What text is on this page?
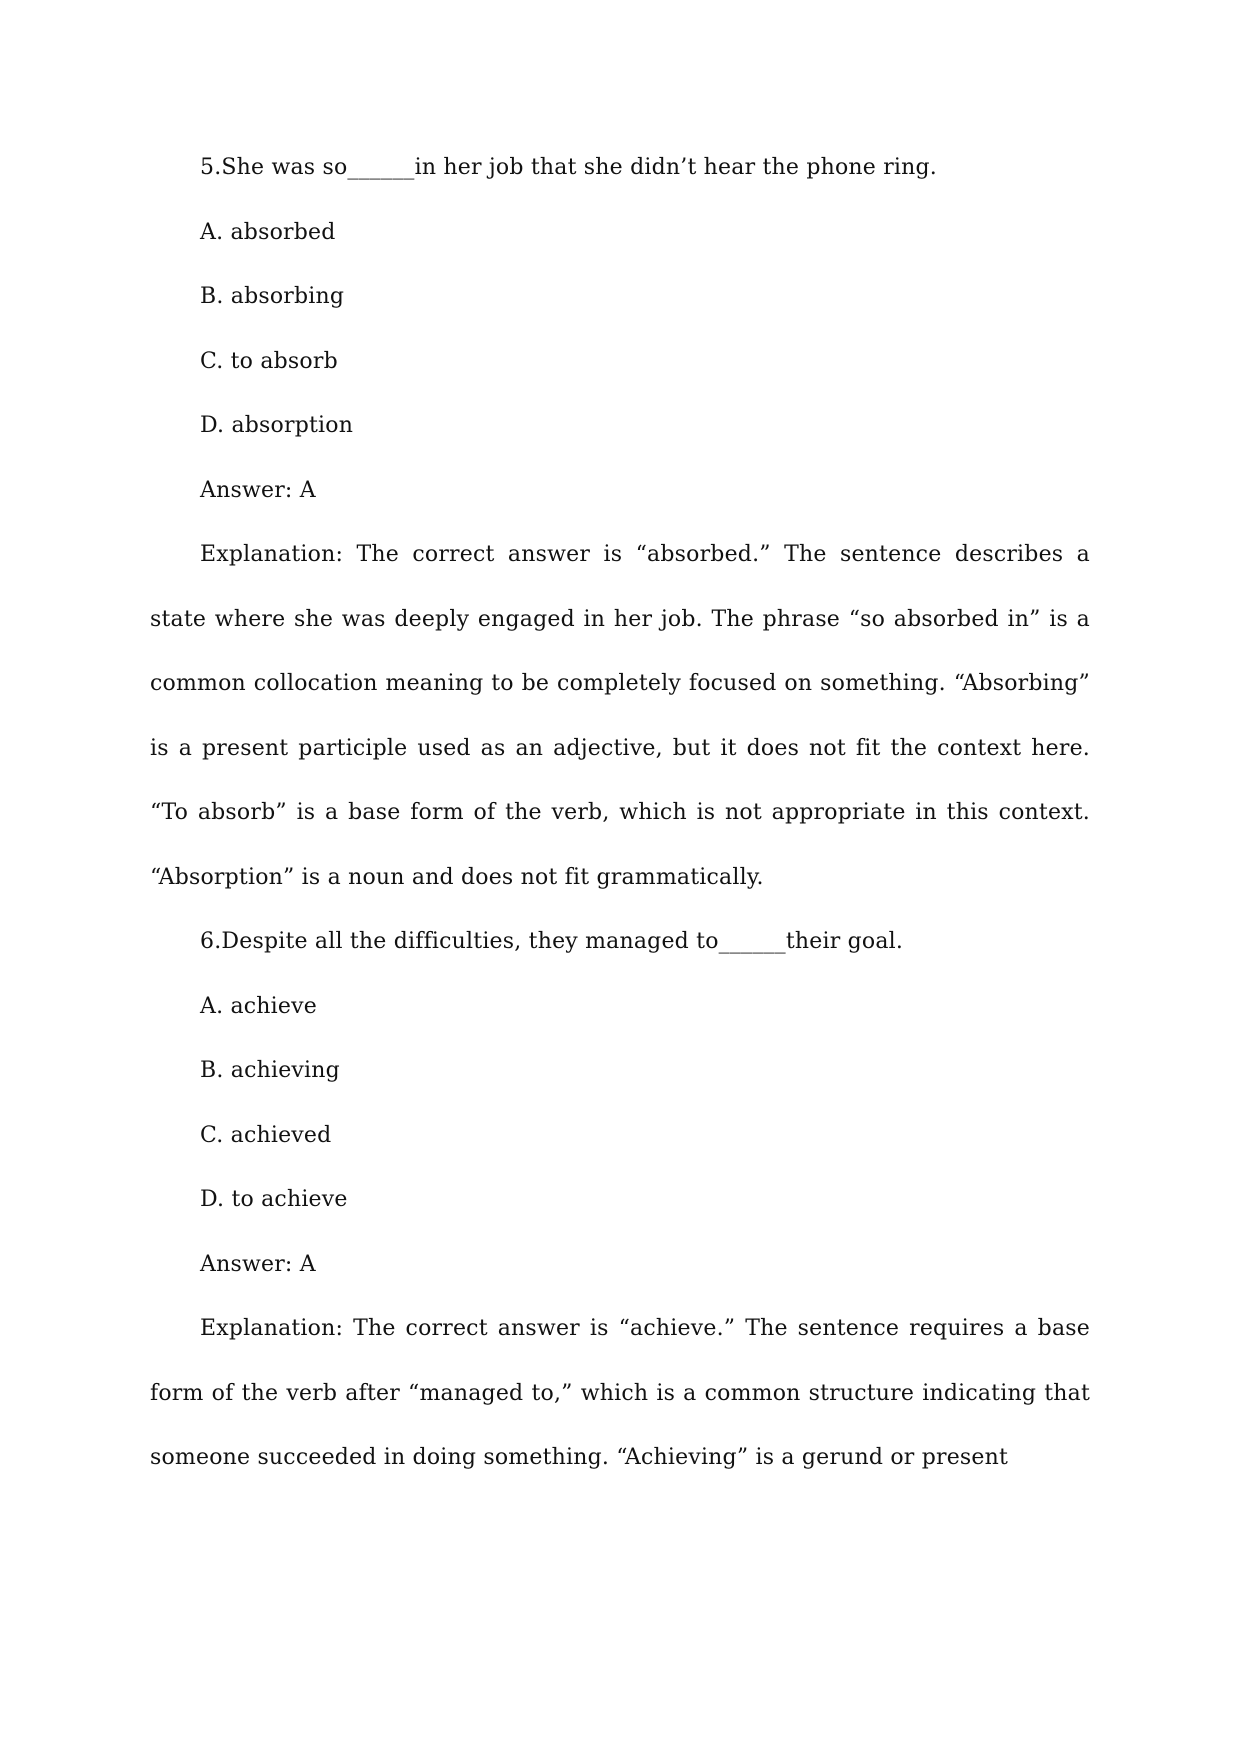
5.She was so______in her job that she didn’t hear the phone ring.
A. absorbed
B. absorbing
C. to absorb
D. absorption
Answer: A

Explanation: The correct answer is “absorbed.” The sentence describes a state where she was deeply engaged in her job. The phrase “so absorbed in” is a common collocation meaning to be completely focused on something. “Absorbing” is a present participle used as an adjective, but it does not fit the context here. “To absorb” is a base form of the verb, which is not appropriate in this context. “Absorption” is a noun and does not fit grammatically.

6.Despite all the difficulties, they managed to______their goal.
A. achieve
B. achieving
C. achieved
D. to achieve
Answer: A

Explanation: The correct answer is “achieve.” The sentence requires a base form of the verb after “managed to,” which is a common structure indicating that someone succeeded in doing something. “Achieving” is a gerund or present
